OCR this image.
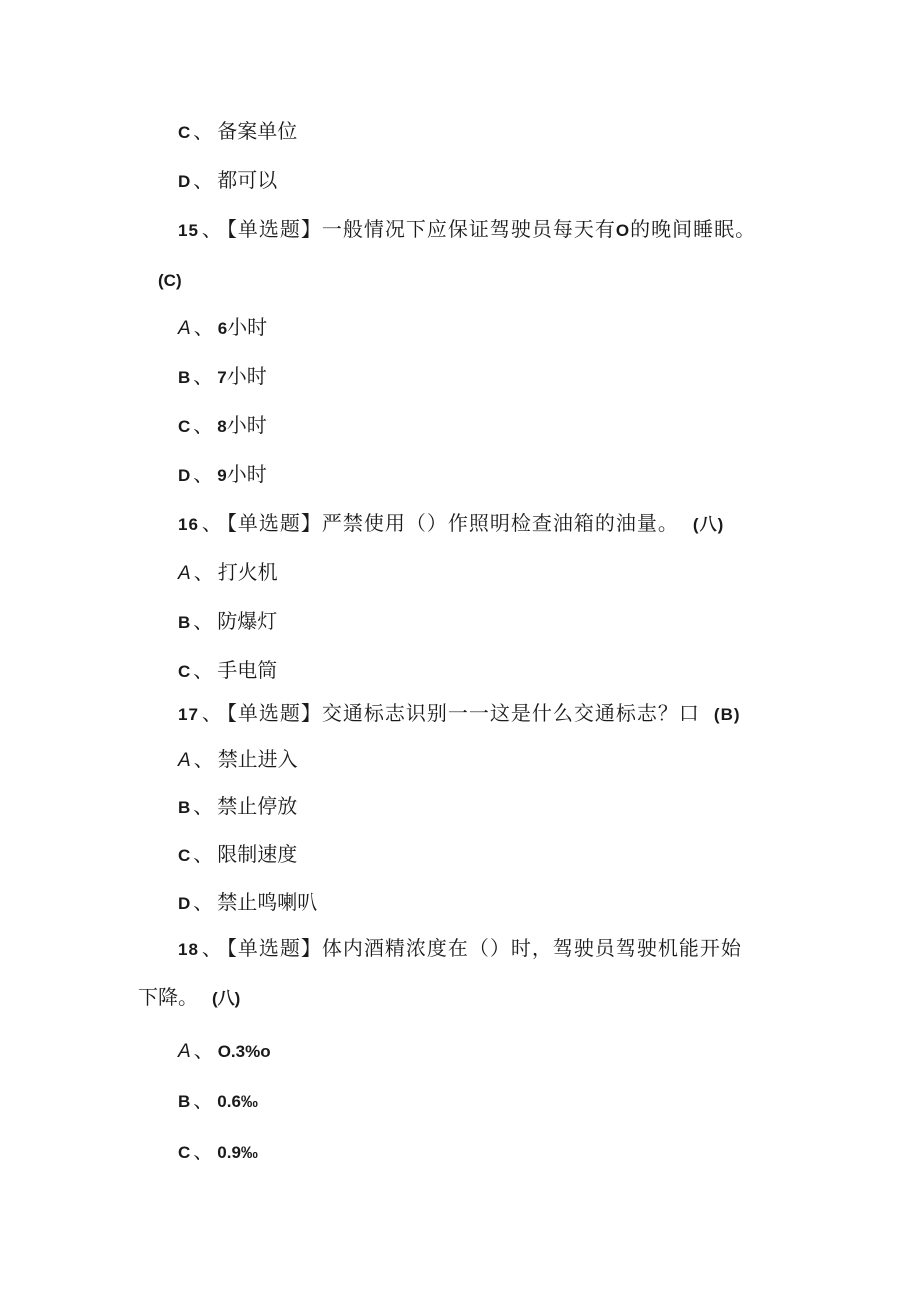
C 、 备案单位
D 、 都可以
15 、 【单选题】一般情况下应保证驾驶员每天有O的晚间睡眠。
(C)
A 、 6小时
B 、 7小时
C 、 8小时
D 、 9小时
16 、 【单选题】严禁使用（）作照明检查油箱的油量。 (八)
A 、 打火机
B 、 防爆灯
C 、 手电筒
17 、 【单选题】交通标志识别一一这是什么交通标志？口 (B)
A 、 禁止进入
B 、 禁止停放
C 、 限制速度
D 、 禁止鸣喇叭
18 、 【单选题】体内酒精浓度在（）时，驾驶员驾驶机能开始
下降。 (八)
A 、 O.3%o
B 、 0.6‰
C 、 0.9‰
